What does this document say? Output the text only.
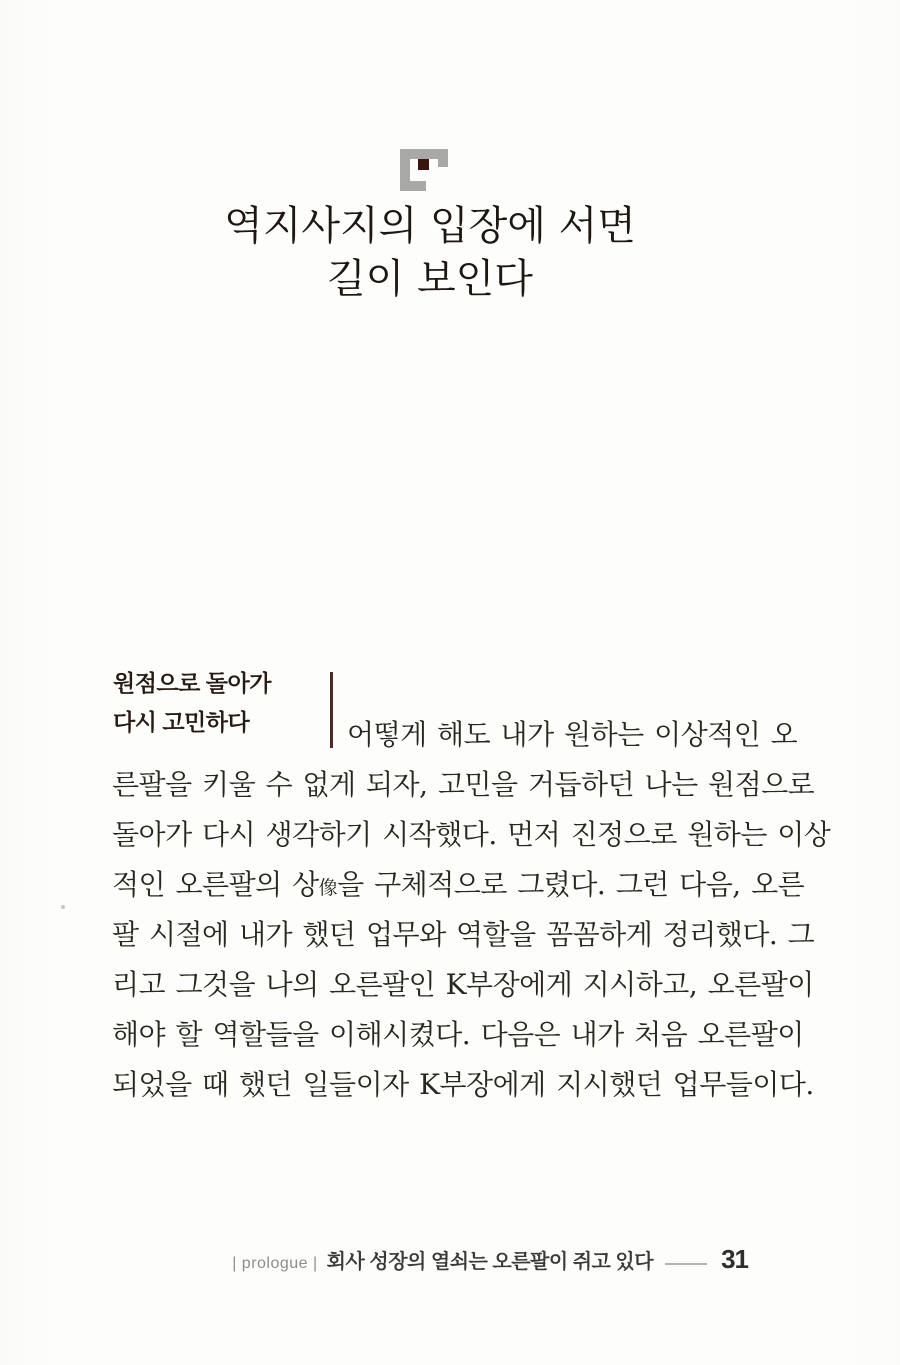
역지사지의 입장에 서면
길이 보인다
원점으로 돌아가
다시 고민하다	어떻게 해도 내가 원하는 이상적인 오
른팔을 키울 수 없게 되자, 고민을 거듭하던 나는 원점으로
돌아가 다시 생각하기 시작했다. 먼저 진정으로 원하는 이상
적인 오른팔의 상像을 구체적으로 그렸다. 그런 다음, 오른
팔 시절에 내가 했던 업무와 역할을 꼼꼼하게 정리했다. 그
리고 그것을 나의 오른팔인 K부장에게 지시하고, 오른팔이
해야 할 역할들을 이해시켰다. 다음은 내가 처음 오른팔이
되었을 때 했던 일들이자 K부장에게 지시했던 업무들이다.
| prologue | 회사 성장의 열쇠는 오른팔이 쥐고 있다	31
